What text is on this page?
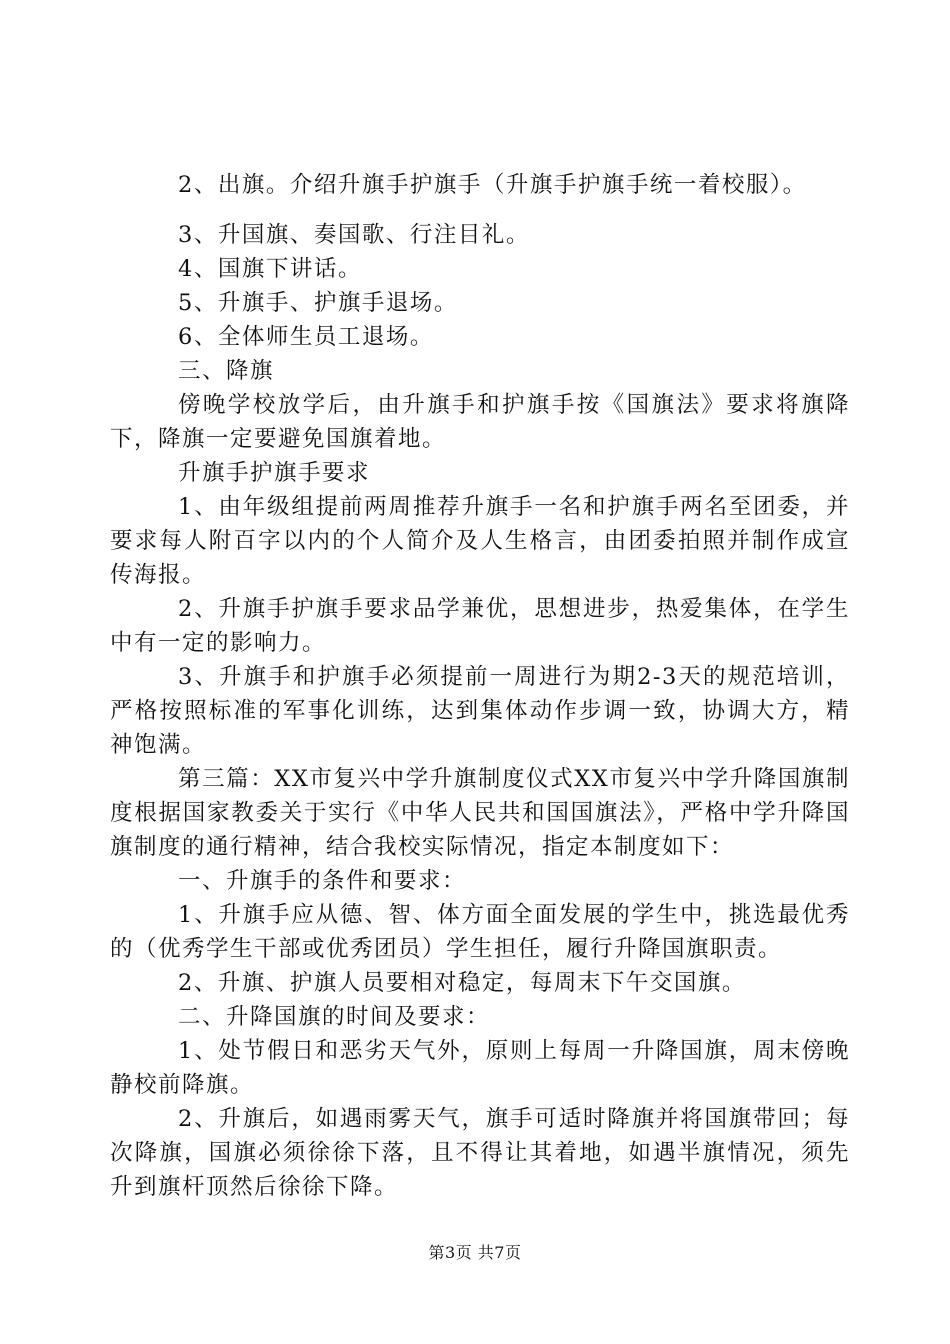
2、出旗。介绍升旗手护旗手（升旗手护旗手统一着校服）。

3、升国旗、奏国歌、行注目礼。

4、国旗下讲话。

5、升旗手、护旗手退场。

6、全体师生员工退场。

三、降旗

傍晚学校放学后，由升旗手和护旗手按《国旗法》要求将旗降下，降旗一定要避免国旗着地。

升旗手护旗手要求

1、由年级组提前两周推荐升旗手一名和护旗手两名至团委，并要求每人附百字以内的个人简介及人生格言，由团委拍照并制作成宣传海报。

2、升旗手护旗手要求品学兼优，思想进步，热爱集体，在学生中有一定的影响力。

3、升旗手和护旗手必须提前一周进行为期2-3天的规范培训，严格按照标准的军事化训练，达到集体动作步调一致，协调大方，精神饱满。

第三篇：XX市复兴中学升旗制度仪式XX市复兴中学升降国旗制度根据国家教委关于实行《中华人民共和国国旗法》，严格中学升降国旗制度的通行精神，结合我校实际情况，指定本制度如下：

一、升旗手的条件和要求：

1、升旗手应从德、智、体方面全面发展的学生中，挑选最优秀的（优秀学生干部或优秀团员）学生担任，履行升降国旗职责。

2、升旗、护旗人员要相对稳定，每周末下午交国旗。

二、升降国旗的时间及要求：

1、处节假日和恶劣天气外，原则上每周一升降国旗，周末傍晚静校前降旗。

2、升旗后，如遇雨雾天气，旗手可适时降旗并将国旗带回；每次降旗，国旗必须徐徐下落，且不得让其着地，如遇半旗情况，须先升到旗杆顶然后徐徐下降。

第3页 共7页
